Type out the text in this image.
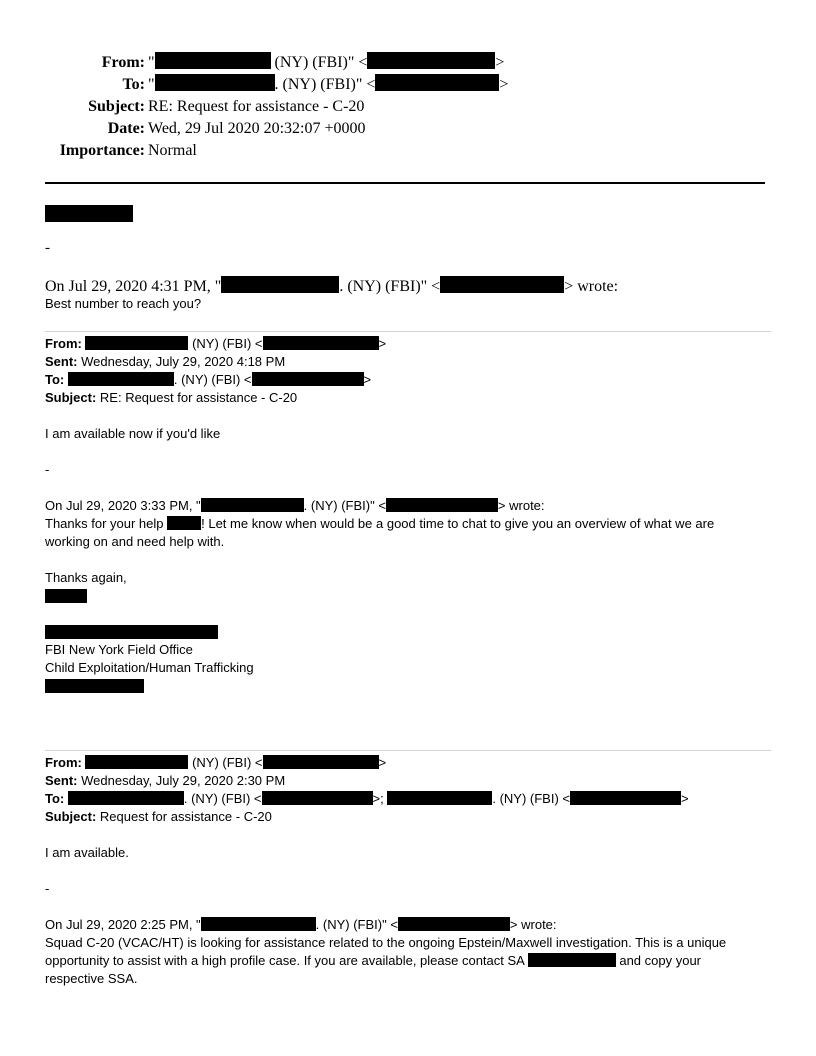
From: "	(NY) (FBI)" <	>
To: "	. (NY) (FBI)" <	>
Subject: RE: Request for assistance - C-20
Date: Wed, 29 Jul 2020 20:32:07 +0000
Importance: Normal
-
On Jul 29, 2020 4:31 PM, "	. (NY) (FBI)" <	> wrote:
Best number to reach you?
From:	(NY) (FBI) <	>
Sent: Wednesday, July 29, 2020 4:18 PM
To:	. (NY) (FBI) <	>
Subject: RE: Request for assistance - C-20
I am available now if you'd like
-
On Jul 29, 2020 3:33 PM, "	. (NY) (FBI)" <	> wrote:
Thanks for your help	! Let me know when would be a good time to chat to give you an overview of what we are
working on and need help with.
Thanks again,
FBI New York Field Office
Child Exploitation/Human Trafficking
From:	(NY) (FBI) <	>
Sent: Wednesday, July 29, 2020 2:30 PM
To:	. (NY) (FBI) <	>;	. (NY) (FBI) <	>
Subject: Request for assistance - C-20
I am available.
-
On Jul 29, 2020 2:25 PM, "	. (NY) (FBI)" <	> wrote:
Squad C-20 (VCAC/HT) is looking for assistance related to the ongoing Epstein/Maxwell investigation. This is a unique
opportunity to assist with a high profile case. If you are available, please contact SA	and copy your
respective SSA.
